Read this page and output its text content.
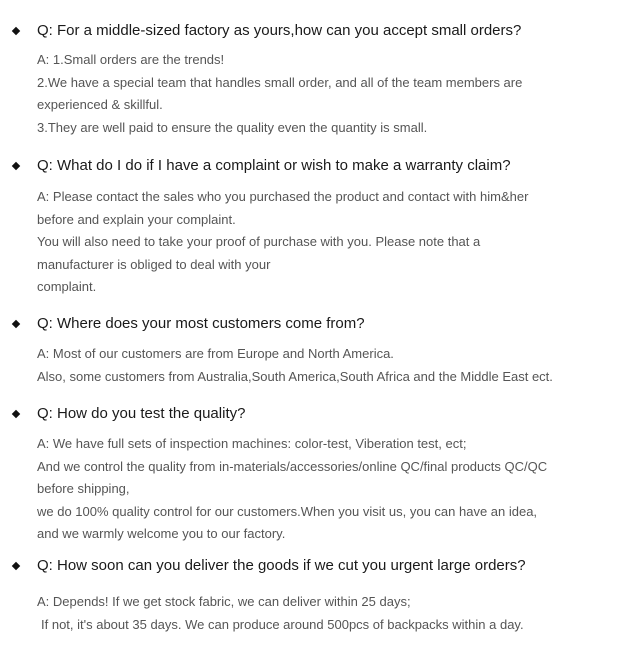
Q: For a middle-sized factory as yours,how can you accept small orders?
A: 1.Small orders are the trends!
2.We have a special team that handles small order, and all of the team members are
experienced & skillful.
3.They are well paid to ensure the quality even the quantity is small.
Q: What do I do if I have a complaint or wish to make a warranty claim?
A: Please contact the sales who you purchased the product and contact with him&her
before and explain your complaint.
You will also need to take your proof of purchase with you. Please note that a
manufacturer is obliged to deal with your
complaint.
Q: Where does your most customers come from?
A: Most of our customers are from Europe and North America.
Also, some customers from Australia,South America,South Africa and the Middle East ect.
Q: How do you test the quality?
A: We have full sets of inspection machines: color-test, Viberation test, ect;
And we control the quality from in-materials/accessories/online QC/final products QC/QC
before shipping,
we do 100% quality control for our customers.When you visit us, you can have an idea,
and we warmly welcome you to our factory.
Q: How soon can you deliver the goods if we cut you urgent large orders?
A: Depends! If we get stock fabric, we can deliver within 25 days;
If not, it's about 35 days. We can produce around 500pcs of backpacks within a day.
